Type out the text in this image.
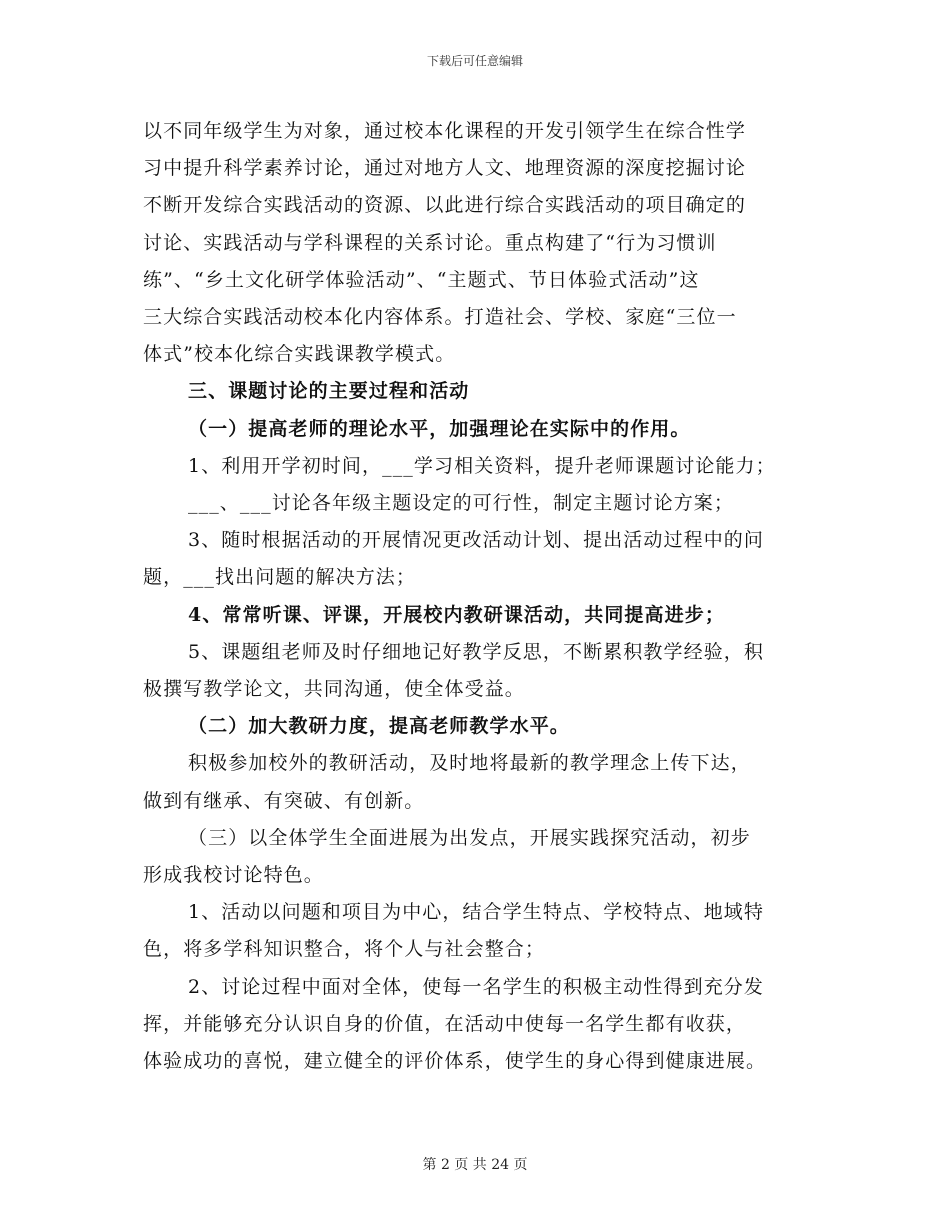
下载后可任意编辑

以不同年级学生为对象，通过校本化课程的开发引领学生在综合性学

习中提升科学素养讨论，通过对地方人文、地理资源的深度挖掘讨论

不断开发综合实践活动的资源、以此进行综合实践活动的项目确定的

讨论、实践活动与学科课程的关系讨论。重点构建了“行为习惯训

练”、“乡土文化研学体验活动”、“主题式、节日体验式活动”这

三大综合实践活动校本化内容体系。打造社会、学校、家庭“三位一

体式”校本化综合实践课教学模式。

三、课题讨论的主要过程和活动

（一）提高老师的理论水平，加强理论在实际中的作用。

1、利用开学初时间，___学习相关资料，提升老师课题讨论能力；

___、___讨论各年级主题设定的可行性，制定主题讨论方案；

3、随时根据活动的开展情况更改活动计划、提出活动过程中的问

题，___找出问题的解决方法；

4、常常听课、评课，开展校内教研课活动，共同提高进步；

5、课题组老师及时仔细地记好教学反思，不断累积教学经验，积

极撰写教学论文，共同沟通，使全体受益。

（二）加大教研力度，提高老师教学水平。

积极参加校外的教研活动，及时地将最新的教学理念上传下达，

做到有继承、有突破、有创新。

（三）以全体学生全面进展为出发点，开展实践探究活动，初步

形成我校讨论特色。

1、活动以问题和项目为中心，结合学生特点、学校特点、地域特

色，将多学科知识整合，将个人与社会整合；

2、讨论过程中面对全体，使每一名学生的积极主动性得到充分发

挥，并能够充分认识自身的价值，在活动中使每一名学生都有收获，

体验成功的喜悦，建立健全的评价体系，使学生的身心得到健康进展。

第 2 页 共 24 页
